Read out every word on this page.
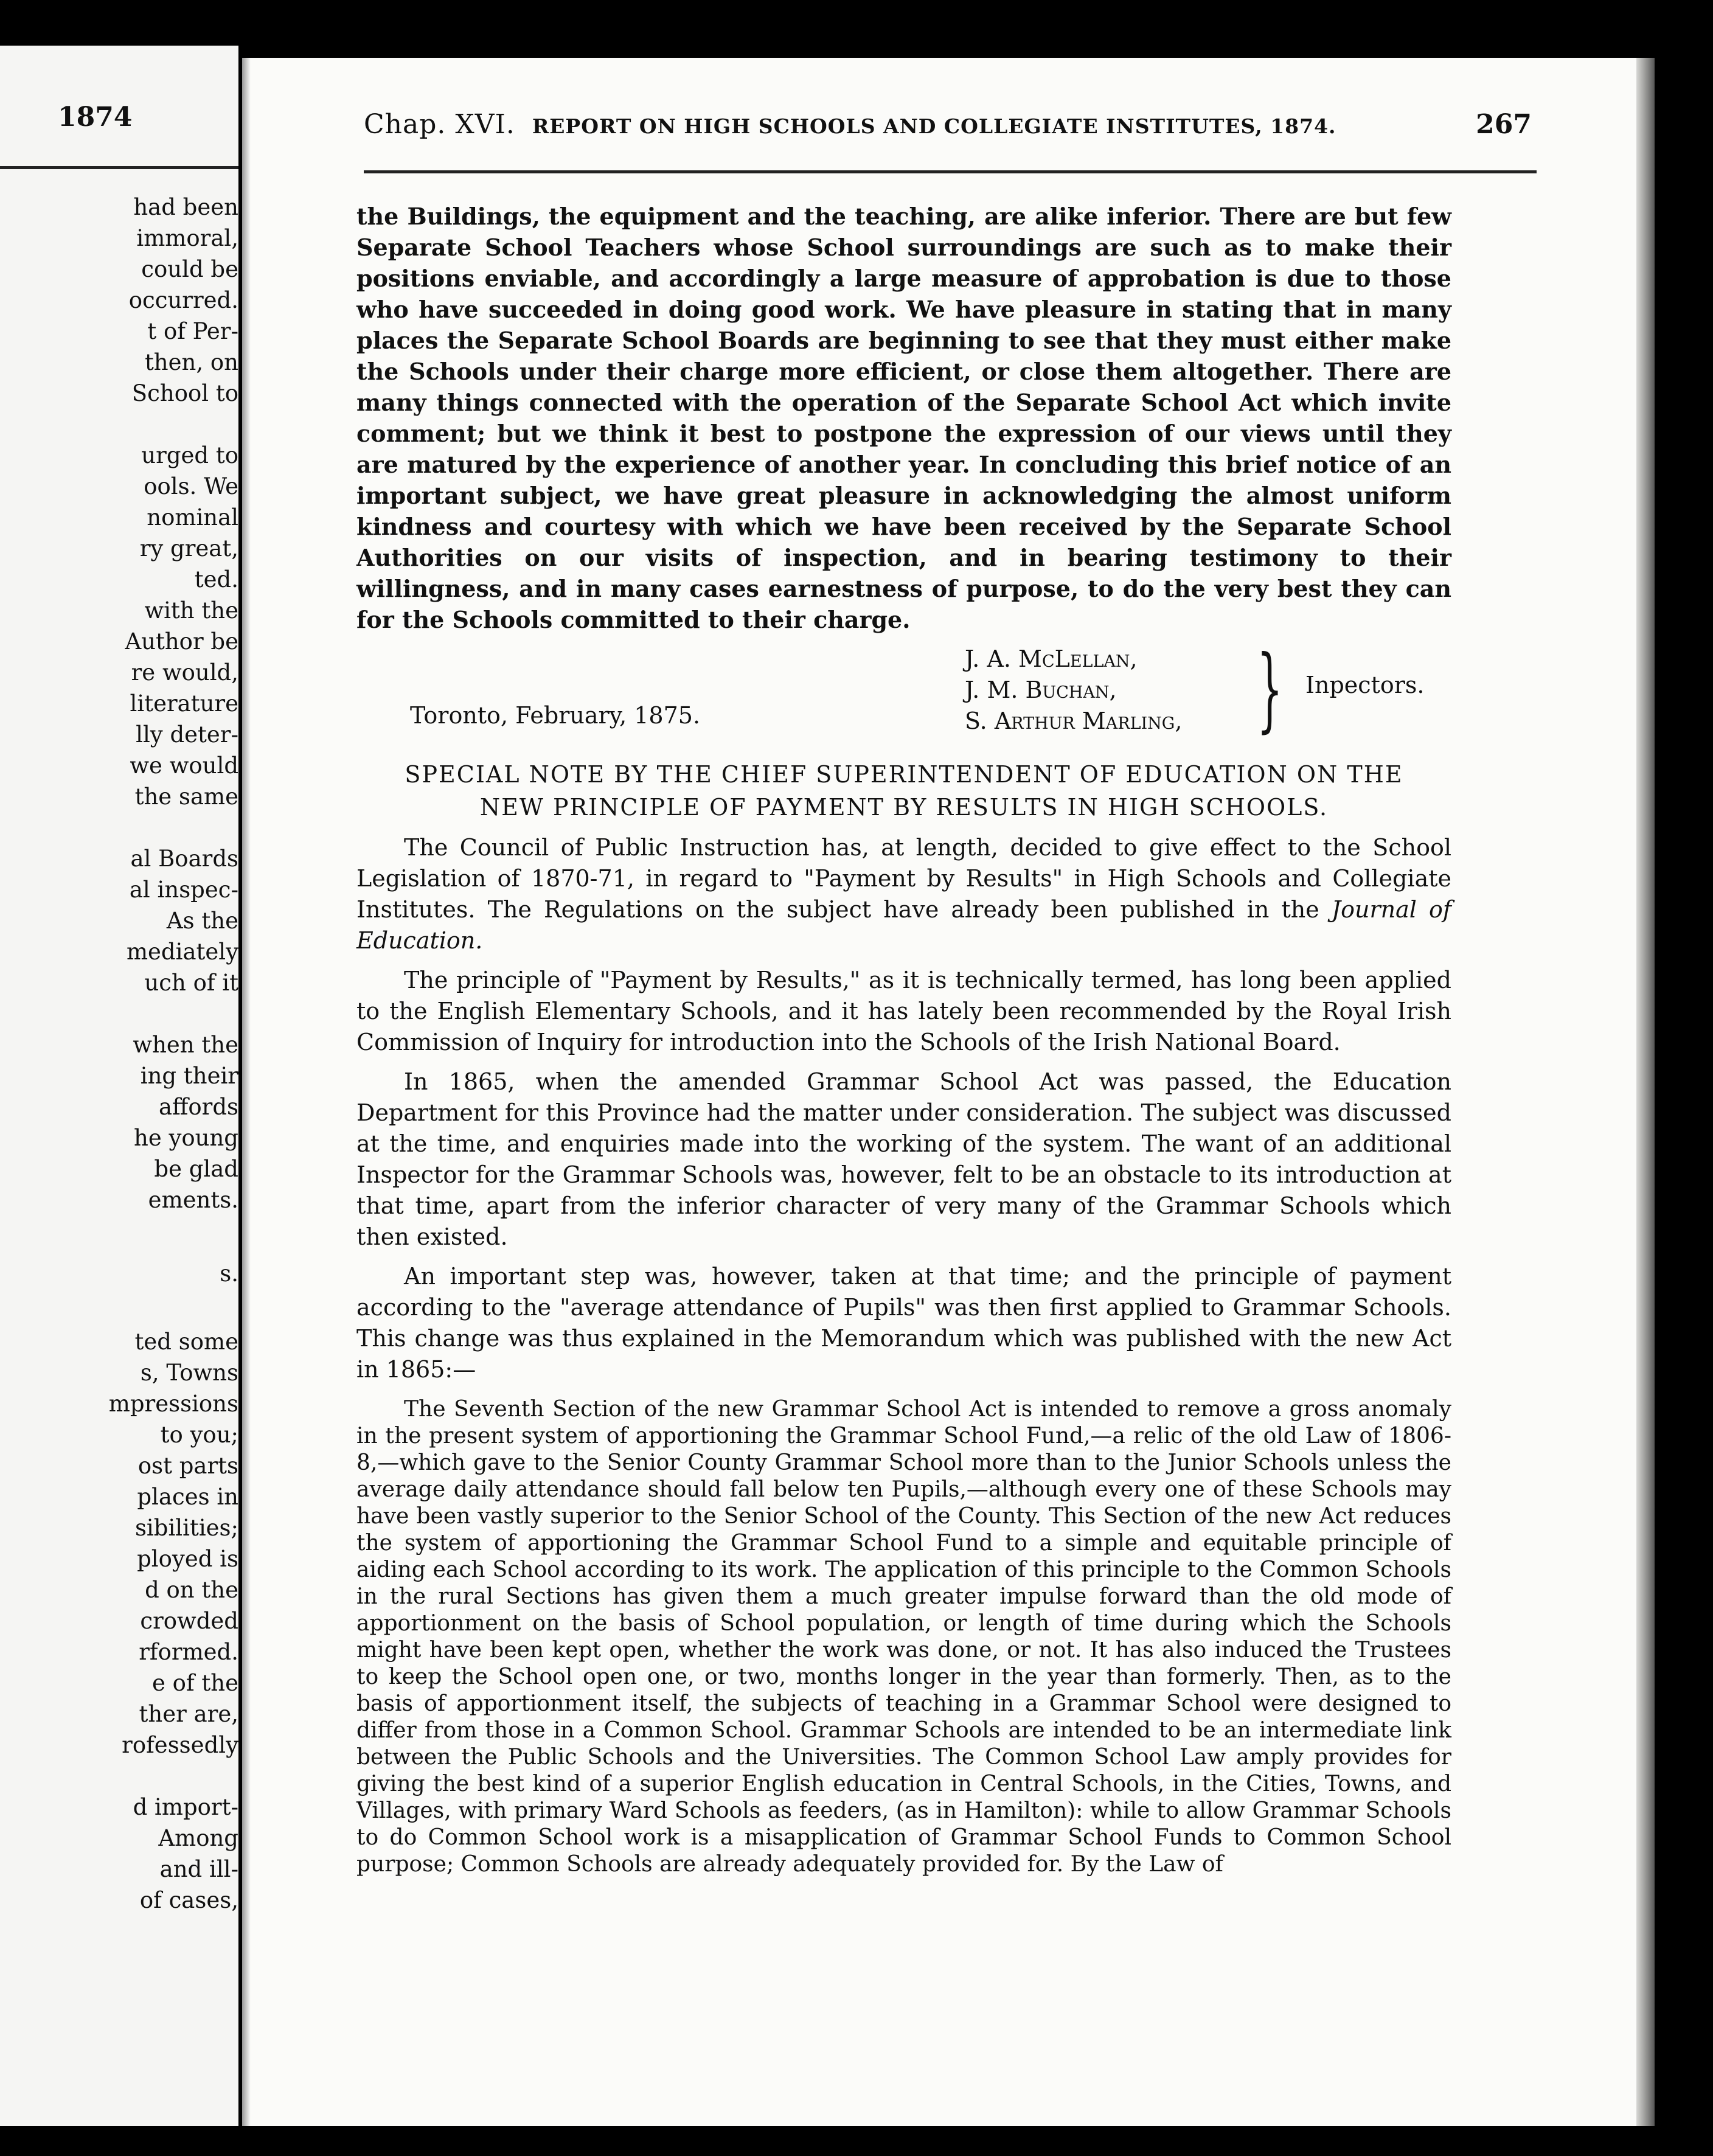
1874
had been
immoral,
could be
occurred.
t of Per-
then, on
School to
urged to
ools. We
nominal
ry great,
ted.
with the
Author be
re would,
literature
lly deter-
we would
the same
al Boards
al inspec-
As the
mediately
uch of it
when the
ing their
affords
he young
be glad
ements.
s.
ted some
s, Towns
mpressions
to you;
ost parts
places in
sibilities;
ployed is
d on the
crowded
rformed.
e of the
ther are,
rofessedly
d import-
Among
and ill-
of cases,
Chap. XVI. REPORT ON HIGH SCHOOLS AND COLLEGIATE INSTITUTES, 1874.	267

the Buildings, the equipment and the teaching, are alike inferior. There are but few Separate School Teachers whose School surroundings are such as to make their positions enviable, and accordingly a large measure of approbation is due to those who have succeeded in doing good work. We have pleasure in stating that in many places the Separate School Boards are beginning to see that they must either make the Schools under their charge more efficient, or close them altogether. There are many things connected with the operation of the Separate School Act which invite comment; but we think it best to postpone the expression of our views until they are matured by the experience of another year. In concluding this brief notice of an important subject, we have great pleasure in acknowledging the almost uniform kindness and courtesy with which we have been received by the Separate School Authorities on our visits of inspection, and in bearing testimony to their willingness, and in many cases earnestness of purpose, to do the very best they can for the Schools committed to their charge.

Toronto, February, 1875.
J. A. McLellan,
J. M. Buchan,
S. Arthur Marling, } Inpectors.
SPECIAL NOTE BY THE CHIEF SUPERINTENDENT OF EDUCATION ON THE
NEW PRINCIPLE OF PAYMENT BY RESULTS IN HIGH SCHOOLS.

The Council of Public Instruction has, at length, decided to give effect to the School Legislation of 1870-71, in regard to "Payment by Results" in High Schools and Collegiate Institutes. The Regulations on the subject have already been published in the Journal of Education.

The principle of "Payment by Results," as it is technically termed, has long been applied to the English Elementary Schools, and it has lately been recommended by the Royal Irish Commission of Inquiry for introduction into the Schools of the Irish National Board.

In 1865, when the amended Grammar School Act was passed, the Education Department for this Province had the matter under consideration. The subject was discussed at the time, and enquiries made into the working of the system. The want of an additional Inspector for the Grammar Schools was, however, felt to be an obstacle to its introduction at that time, apart from the inferior character of very many of the Grammar Schools which then existed.

An important step was, however, taken at that time; and the principle of payment according to the "average attendance of Pupils" was then first applied to Grammar Schools. This change was thus explained in the Memorandum which was published with the new Act in 1865:—

The Seventh Section of the new Grammar School Act is intended to remove a gross anomaly in the present system of apportioning the Grammar School Fund,—a relic of the old Law of 1806-8,—which gave to the Senior County Grammar School more than to the Junior Schools unless the average daily attendance should fall below ten Pupils,—although every one of these Schools may have been vastly superior to the Senior School of the County. This Section of the new Act reduces the system of apportioning the Grammar School Fund to a simple and equitable principle of aiding each School according to its work. The application of this principle to the Common Schools in the rural Sections has given them a much greater impulse forward than the old mode of apportionment on the basis of School population, or length of time during which the Schools might have been kept open, whether the work was done, or not. It has also induced the Trustees to keep the School open one, or two, months longer in the year than formerly. Then, as to the basis of apportionment itself, the subjects of teaching in a Grammar School were designed to differ from those in a Common School. Grammar Schools are intended to be an intermediate link between the Public Schools and the Universities. The Common School Law amply provides for giving the best kind of a superior English education in Central Schools, in the Cities, Towns, and Villages, with primary Ward Schools as feeders, (as in Hamilton): while to allow Grammar Schools to do Common School work is a misapplication of Grammar School Funds to Common School purpose; Common Schools are already adequately provided for. By the Law of
